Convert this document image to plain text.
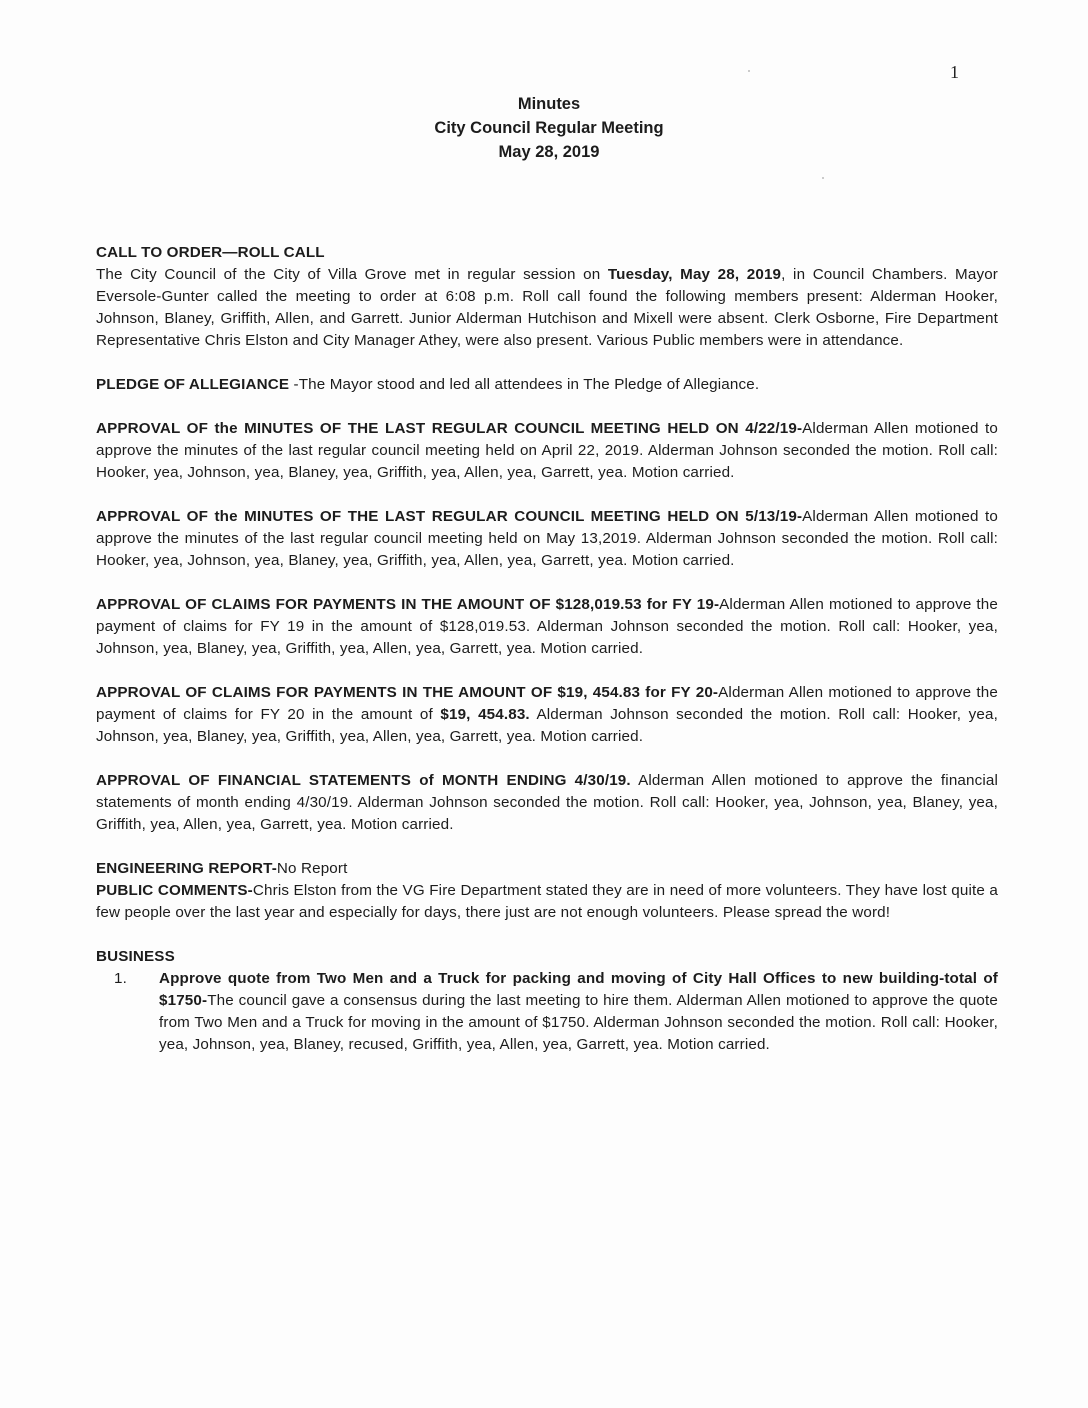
1
Minutes
City Council Regular Meeting
May 28, 2019

CALL TO ORDER—ROLL CALL
The City Council of the City of Villa Grove met in regular session on Tuesday, May 28, 2019, in Council Chambers. Mayor Eversole-Gunter called the meeting to order at 6:08 p.m. Roll call found the following members present: Alderman Hooker, Johnson, Blaney, Griffith, Allen, and Garrett. Junior Alderman Hutchison and Mixell were absent. Clerk Osborne, Fire Department Representative Chris Elston and City Manager Athey, were also present. Various Public members were in attendance.

PLEDGE OF ALLEGIANCE -The Mayor stood and led all attendees in The Pledge of Allegiance.

APPROVAL OF the MINUTES OF THE LAST REGULAR COUNCIL MEETING HELD ON 4/22/19-Alderman Allen motioned to approve the minutes of the last regular council meeting held on April 22, 2019. Alderman Johnson seconded the motion. Roll call: Hooker, yea, Johnson, yea, Blaney, yea, Griffith, yea, Allen, yea, Garrett, yea. Motion carried.

APPROVAL OF the MINUTES OF THE LAST REGULAR COUNCIL MEETING HELD ON 5/13/19-Alderman Allen motioned to approve the minutes of the last regular council meeting held on May 13,2019. Alderman Johnson seconded the motion. Roll call: Hooker, yea, Johnson, yea, Blaney, yea, Griffith, yea, Allen, yea, Garrett, yea. Motion carried.

APPROVAL OF CLAIMS FOR PAYMENTS IN THE AMOUNT OF $128,019.53 for FY 19-Alderman Allen motioned to approve the payment of claims for FY 19 in the amount of $128,019.53. Alderman Johnson seconded the motion. Roll call: Hooker, yea, Johnson, yea, Blaney, yea, Griffith, yea, Allen, yea, Garrett, yea. Motion carried.

APPROVAL OF CLAIMS FOR PAYMENTS IN THE AMOUNT OF $19, 454.83 for FY 20-Alderman Allen motioned to approve the payment of claims for FY 20 in the amount of $19, 454.83. Alderman Johnson seconded the motion. Roll call: Hooker, yea, Johnson, yea, Blaney, yea, Griffith, yea, Allen, yea, Garrett, yea. Motion carried.

APPROVAL OF FINANCIAL STATEMENTS of MONTH ENDING 4/30/19. Alderman Allen motioned to approve the financial statements of month ending 4/30/19. Alderman Johnson seconded the motion. Roll call: Hooker, yea, Johnson, yea, Blaney, yea, Griffith, yea, Allen, yea, Garrett, yea. Motion carried.

ENGINEERING REPORT-No Report

PUBLIC COMMENTS-Chris Elston from the VG Fire Department stated they are in need of more volunteers. They have lost quite a few people over the last year and especially for days, there just are not enough volunteers. Please spread the word!

BUSINESS

1. Approve quote from Two Men and a Truck for packing and moving of City Hall Offices to new building-total of $1750-The council gave a consensus during the last meeting to hire them. Alderman Allen motioned to approve the quote from Two Men and a Truck for moving in the amount of $1750. Alderman Johnson seconded the motion. Roll call: Hooker, yea, Johnson, yea, Blaney, recused, Griffith, yea, Allen, yea, Garrett, yea. Motion carried.
